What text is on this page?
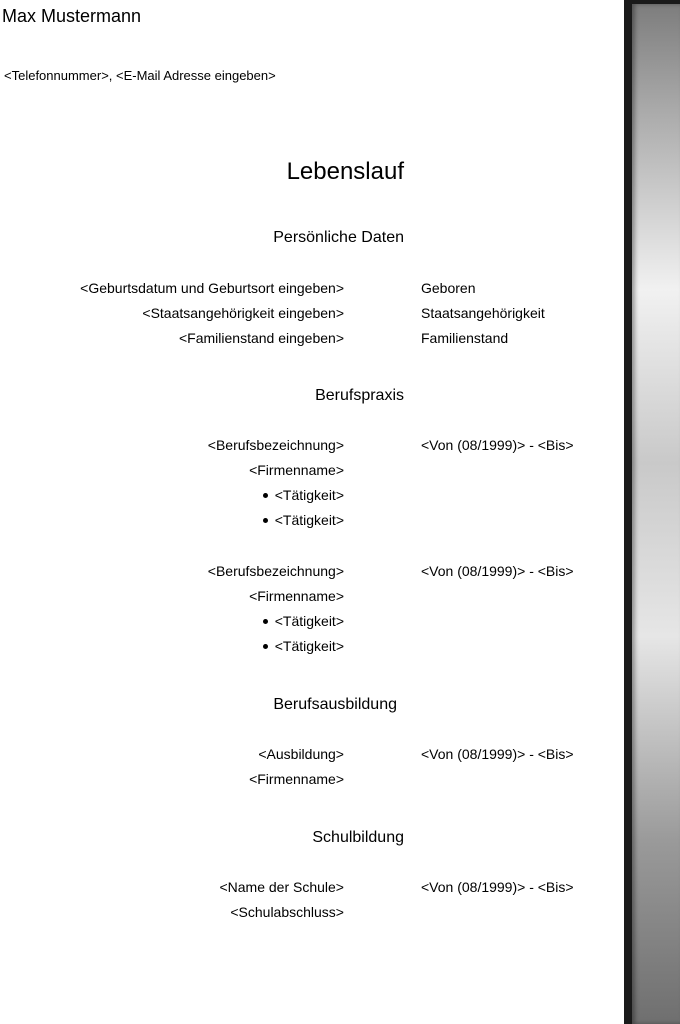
Max Mustermann
<Telefonnummer>, <E-Mail Adresse eingeben>
Lebenslauf
Persönliche Daten
<Geburtsdatum und Geburtsort eingeben>	Geboren
<Staatsangehörigkeit eingeben>	Staatsangehörigkeit
<Familienstand eingeben>	Familienstand
Berufspraxis
<Berufsbezeichnung>	<Von (08/1999)> - <Bis>
<Firmenname>
<Tätigkeit>
<Tätigkeit>
<Berufsbezeichnung>	<Von (08/1999)> - <Bis>
<Firmenname>
<Tätigkeit>
<Tätigkeit>
Berufsausbildung
<Ausbildung>	<Von (08/1999)> - <Bis>
<Firmenname>
Schulbildung
<Name der Schule>	<Von (08/1999)> - <Bis>
<Schulabschluss>
